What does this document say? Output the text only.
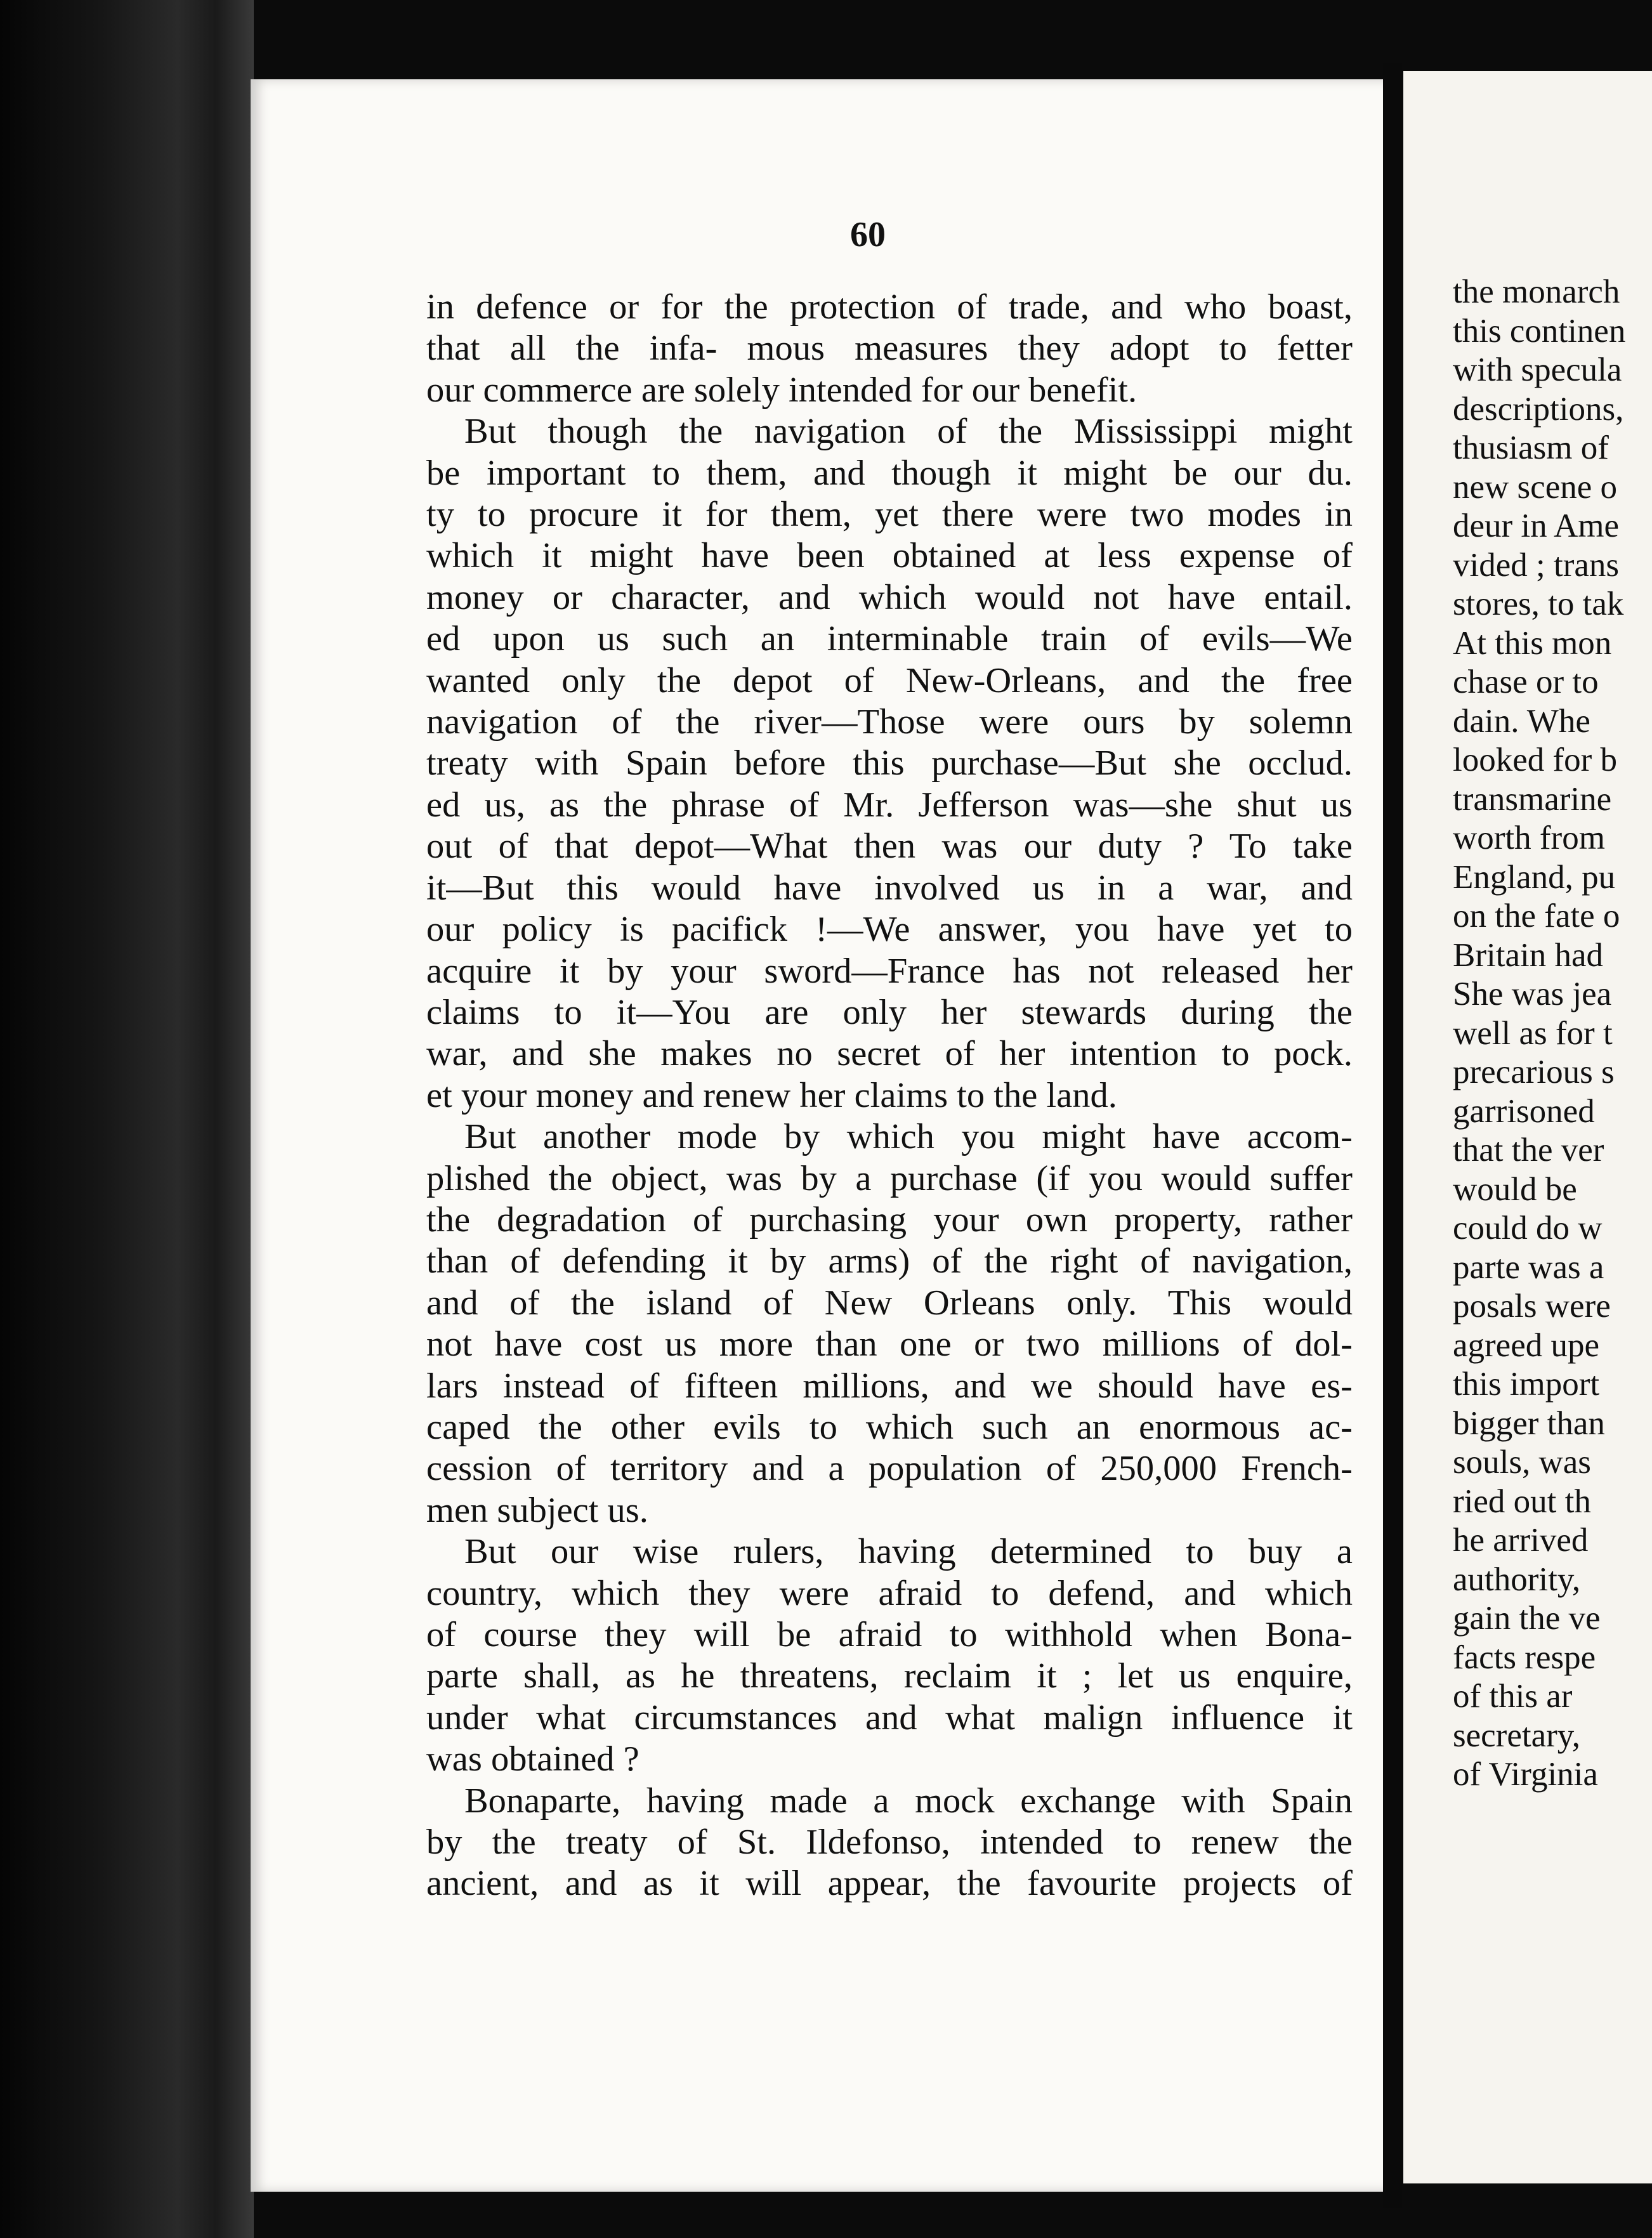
60
in defence or for the protection of trade, and who boast,
that all the infa- mous measures they adopt to fetter
our commerce are solely intended for our benefit.
But though the navigation of the Mississippi might
be important to them, and though it might be our du.
ty to procure it for them, yet there were two modes in
which it might have been obtained at less expense of
money or character, and which would not have entail.
ed upon us such an interminable train of evils—We
wanted only the depot of New-Orleans, and the free
navigation of the river—Those were ours by solemn
treaty with Spain before this purchase—But she occlud.
ed us, as the phrase of Mr. Jefferson was—she shut us
out of that depot—What then was our duty ? To take
it—But this would have involved us in a war, and
our policy is pacifick !—We answer, you have yet to
acquire it by your sword—France has not released her
claims to it—You are only her stewards during the
war, and she makes no secret of her intention to pock.
et your money and renew her claims to the land.
But another mode by which you might have accom-
plished the object, was by a purchase (if you would suffer
the degradation of purchasing your own property, rather
than of defending it by arms) of the right of navigation,
and of the island of New Orleans only. This would
not have cost us more than one or two millions of dol-
lars instead of fifteen millions, and we should have es-
caped the other evils to which such an enormous ac-
cession of territory and a population of 250,000 French-
men subject us.
But our wise rulers, having determined to buy a
country, which they were afraid to defend, and which
of course they will be afraid to withhold when Bona-
parte shall, as he threatens, reclaim it ; let us enquire,
under what circumstances and what malign influence it
was obtained ?
Bonaparte, having made a mock exchange with Spain
by the treaty of St. Ildefonso, intended to renew the
ancient, and as it will appear, the favourite projects of
the monarch
this continen
with specula
descriptions,
thusiasm of
new scene o
deur in Ame
vided ; trans
stores, to tak
At this mon
chase or to
dain. Whe
looked for b
transmarine
worth from
England, pu
on the fate o
Britain had
She was jea
well as for t
precarious s
garrisoned
that the ver
would be
could do w
parte was a
posals were
agreed upe
this import
bigger than
souls, was
ried out th
he arrived
authority,
gain the ve
facts respe
of this ar
secretary,
of Virginia
